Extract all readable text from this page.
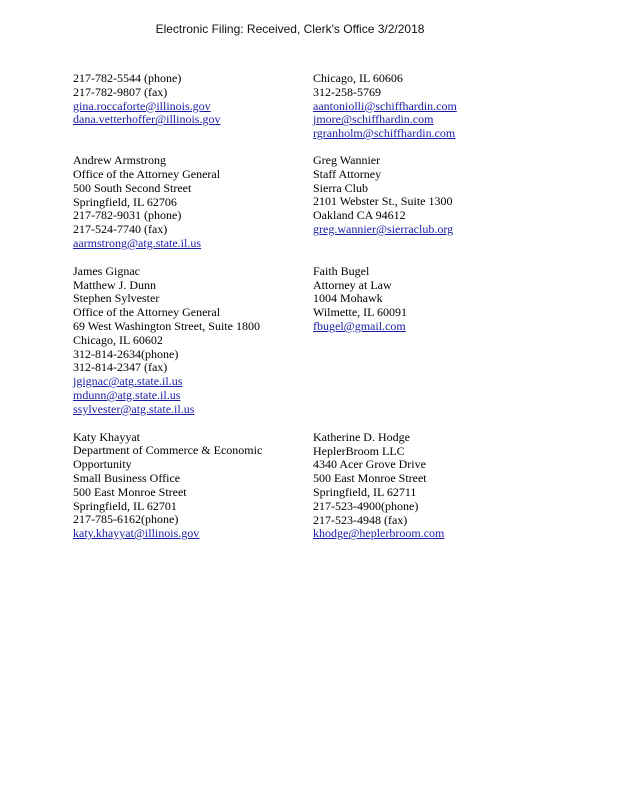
Electronic Filing: Received, Clerk's Office 3/2/2018
217-782-5544 (phone)
217-782-9807 (fax)
gina.roccaforte@illinois.gov
dana.vetterhoffer@illinois.gov
Andrew Armstrong
Office of the Attorney General
500 South Second Street
Springfield, IL 62706
217-782-9031 (phone)
217-524-7740 (fax)
aarmstrong@atg.state.il.us
James Gignac
Matthew J. Dunn
Stephen Sylvester
Office of the Attorney General
69 West Washington Street, Suite 1800
Chicago, IL 60602
312-814-2634(phone)
312-814-2347 (fax)
jgignac@atg.state.il.us
mdunn@atg.state.il.us
ssylvester@atg.state.il.us
Katy Khayyat
Department of Commerce & Economic
Opportunity
Small Business Office
500 East Monroe Street
Springfield, IL 62701
217-785-6162(phone)
katy.khayyat@illinois.gov
Chicago, IL 60606
312-258-5769
aantoniolli@schiffhardin.com
jmore@schiffhardin.com
rgranholm@schiffhardin.com
Greg Wannier
Staff Attorney
Sierra Club
2101 Webster St., Suite 1300
Oakland CA 94612
greg.wannier@sierraclub.org
Faith Bugel
Attorney at Law
1004 Mohawk
Wilmette, IL 60091
fbugel@gmail.com
Katherine D. Hodge
HeplerBroom LLC
4340 Acer Grove Drive
500 East Monroe Street
Springfield, IL 62711
217-523-4900(phone)
217-523-4948 (fax)
khodge@heplerbroom.com
